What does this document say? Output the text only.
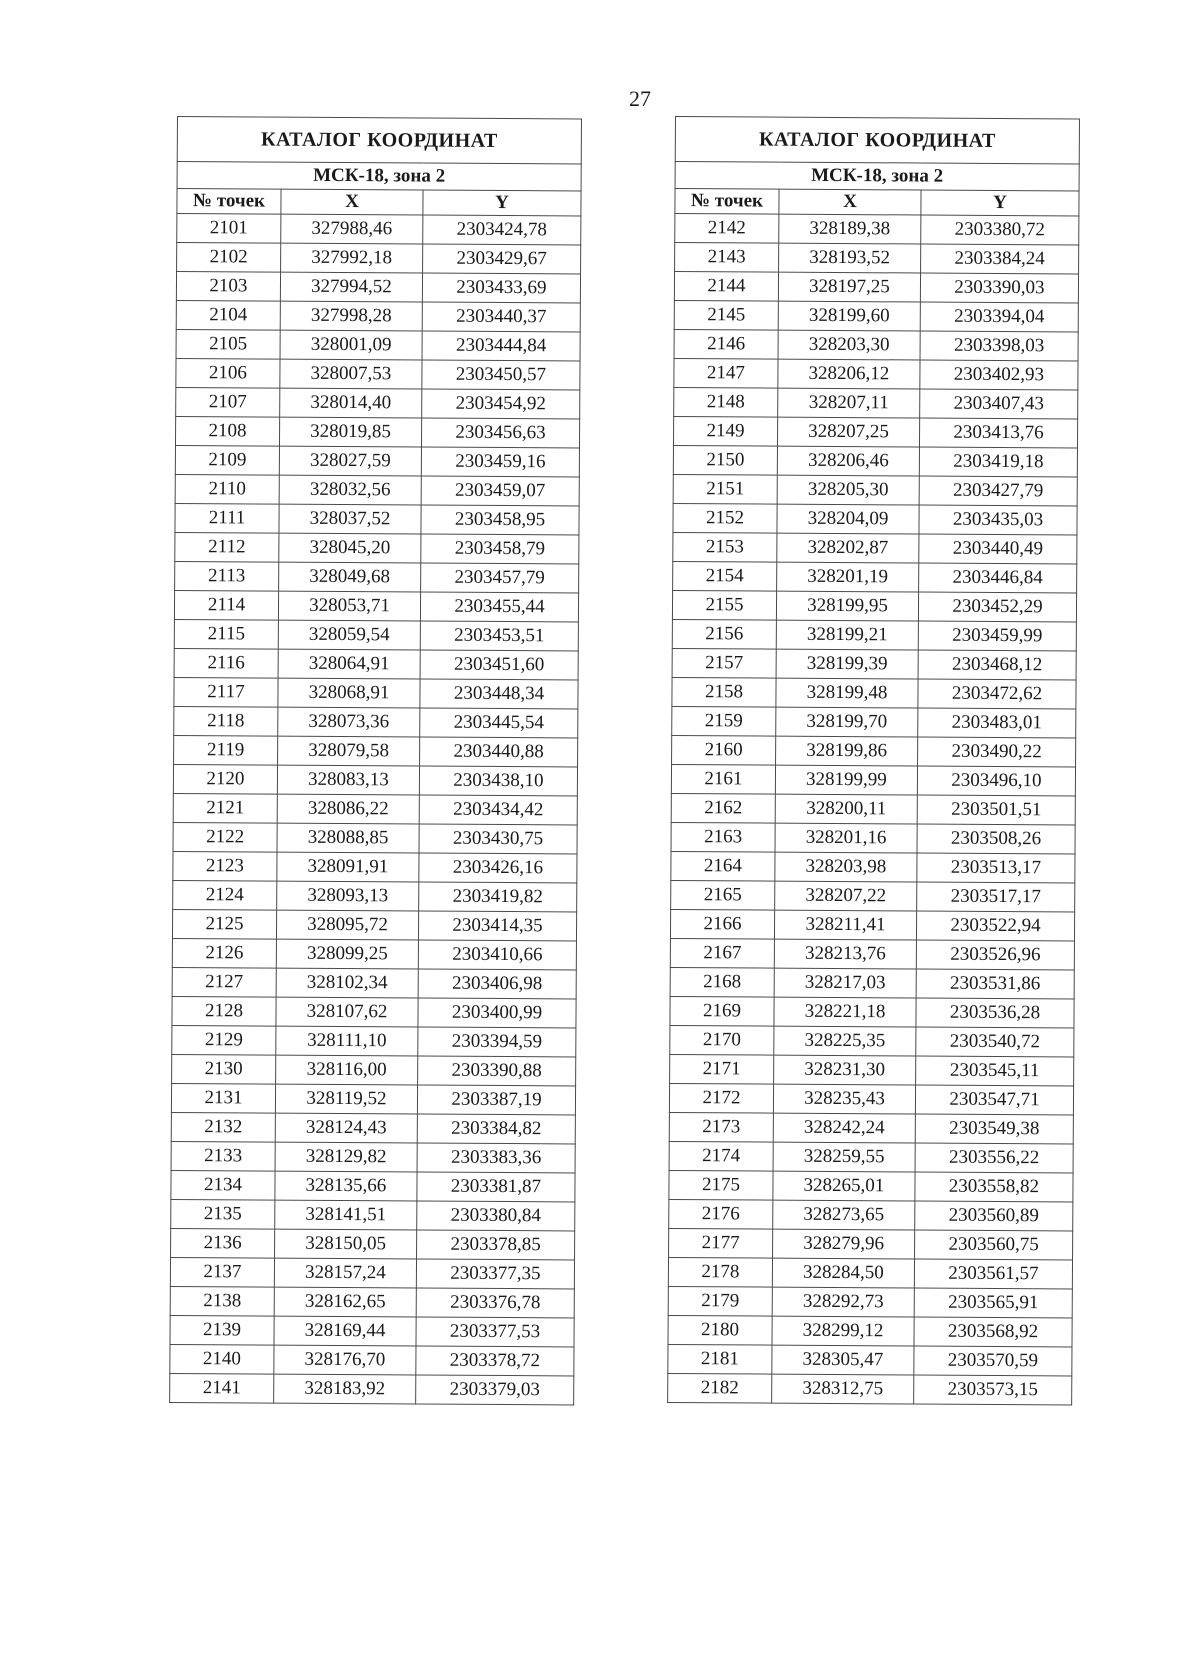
27
КАТАЛОГ КООРДИНАТ		
МСК-18, зона 2		
№ точек	X	Y
2101	327988,46	2303424,78
2102	327992,18	2303429,67
2103	327994,52	2303433,69
2104	327998,28	2303440,37
2105	328001,09	2303444,84
2106	328007,53	2303450,57
2107	328014,40	2303454,92
2108	328019,85	2303456,63
2109	328027,59	2303459,16
2110	328032,56	2303459,07
2111	328037,52	2303458,95
2112	328045,20	2303458,79
2113	328049,68	2303457,79
2114	328053,71	2303455,44
2115	328059,54	2303453,51
2116	328064,91	2303451,60
2117	328068,91	2303448,34
2118	328073,36	2303445,54
2119	328079,58	2303440,88
2120	328083,13	2303438,10
2121	328086,22	2303434,42
2122	328088,85	2303430,75
2123	328091,91	2303426,16
2124	328093,13	2303419,82
2125	328095,72	2303414,35
2126	328099,25	2303410,66
2127	328102,34	2303406,98
2128	328107,62	2303400,99
2129	328111,10	2303394,59
2130	328116,00	2303390,88
2131	328119,52	2303387,19
2132	328124,43	2303384,82
2133	328129,82	2303383,36
2134	328135,66	2303381,87
2135	328141,51	2303380,84
2136	328150,05	2303378,85
2137	328157,24	2303377,35
2138	328162,65	2303376,78
2139	328169,44	2303377,53
2140	328176,70	2303378,72
2141	328183,92	2303379,03
КАТАЛОГ КООРДИНАТ		
МСК-18, зона 2		
№ точек	X	Y
2142	328189,38	2303380,72
2143	328193,52	2303384,24
2144	328197,25	2303390,03
2145	328199,60	2303394,04
2146	328203,30	2303398,03
2147	328206,12	2303402,93
2148	328207,11	2303407,43
2149	328207,25	2303413,76
2150	328206,46	2303419,18
2151	328205,30	2303427,79
2152	328204,09	2303435,03
2153	328202,87	2303440,49
2154	328201,19	2303446,84
2155	328199,95	2303452,29
2156	328199,21	2303459,99
2157	328199,39	2303468,12
2158	328199,48	2303472,62
2159	328199,70	2303483,01
2160	328199,86	2303490,22
2161	328199,99	2303496,10
2162	328200,11	2303501,51
2163	328201,16	2303508,26
2164	328203,98	2303513,17
2165	328207,22	2303517,17
2166	328211,41	2303522,94
2167	328213,76	2303526,96
2168	328217,03	2303531,86
2169	328221,18	2303536,28
2170	328225,35	2303540,72
2171	328231,30	2303545,11
2172	328235,43	2303547,71
2173	328242,24	2303549,38
2174	328259,55	2303556,22
2175	328265,01	2303558,82
2176	328273,65	2303560,89
2177	328279,96	2303560,75
2178	328284,50	2303561,57
2179	328292,73	2303565,91
2180	328299,12	2303568,92
2181	328305,47	2303570,59
2182	328312,75	2303573,15
